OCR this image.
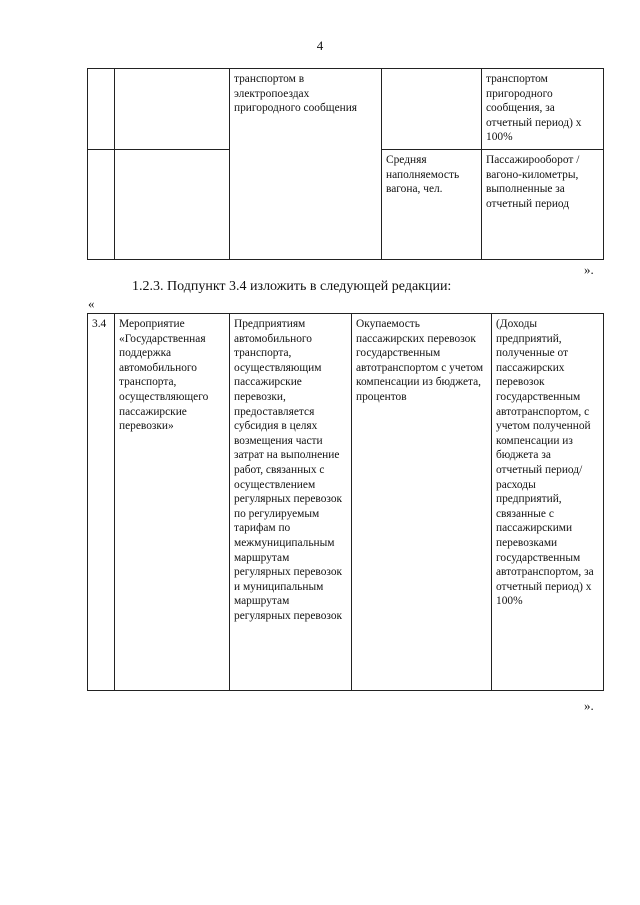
4
		транспортом в электропоездах пригородного сообщения		транспортом пригородного сообщения, за отчетный период) х 100%
			Средняя наполняемость вагона, чел.	Пассажирооборот / вагоно-километры, выполненные за отчетный период
».
1.2.3. Подпункт 3.4 изложить в следующей редакции:
«
3.4	Мероприятие «Государственная поддержка автомобильного транспорта, осуществляющего пассажирские перевозки»	Предприятиям автомобильного транспорта, осуществляющим пассажирские перевозки, предоставляется субсидия в целях возмещения части затрат на выполнение работ, связанных с осуществлением регулярных перевозок по регулируемым тарифам по межмуниципальным маршрутам регулярных перевозок и муниципальным маршрутам регулярных перевозок	Окупаемость пассажирских перевозок государственным автотранспортом с учетом компенсации из бюджета, процентов	(Доходы предприятий, полученные от пассажирских перевозок государственным автотранспортом, с учетом полученной компенсации из бюджета за отчетный период/ расходы предприятий, связанные с пассажирскими перевозками государственным автотранспортом, за отчетный период) х 100%
».
